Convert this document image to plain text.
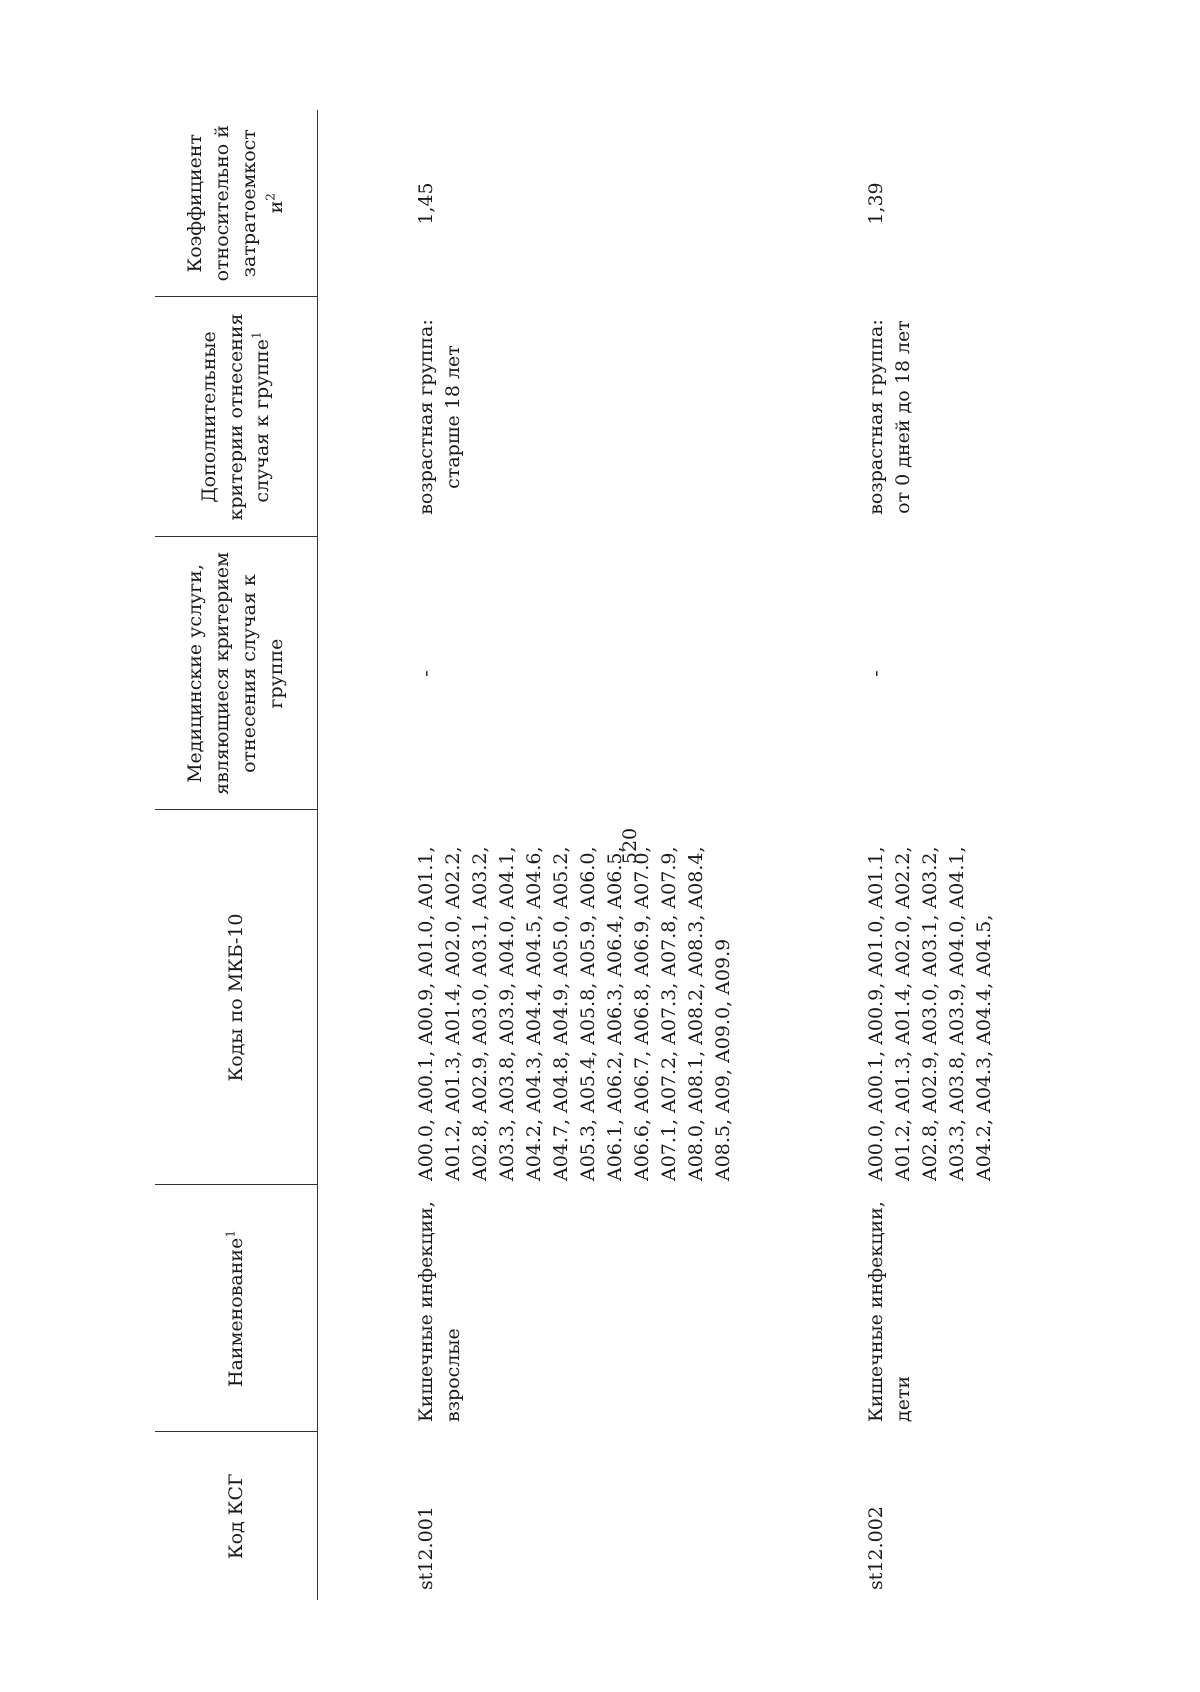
520
Код КСГ	Наименование$^1$	Коды по МКБ-10	Медицинские услуги, являющиеся критерием отнесения случая к группе	Дополнительные критерии отнесения случая к группе$^1$	Коэффициент относительно й затратоемкост $и^2$
st12.001	Кишечные инфекции, взрослые	A00.0, A00.1, A00.9, A01.0, A01.1, A01.2, A01.3, A01.4, A02.0, A02.2, A02.8, A02.9, A03.0, A03.1, A03.2, A03.3, A03.8, A03.9, A04.0, A04.1, A04.2, A04.3, A04.4, A04.5, A04.6, A04.7, A04.8, A04.9, A05.0, A05.2, A05.3, A05.4, A05.8, A05.9, A06.0, A06.1, A06.2, A06.3, A06.4, A06.5, A06.6, A06.7, A06.8, A06.9, A07.0, A07.1, A07.2, A07.3, A07.8, A07.9, A08.0, A08.1, A08.2, A08.3, A08.4, A08.5, A09, A09.0, A09.9	-	возрастная группа: старше 18 лет	1,45
st12.002	Кишечные инфекции, дети	A00.0, A00.1, A00.9, A01.0, A01.1, A01.2, A01.3, A01.4, A02.0, A02.2, A02.8, A02.9, A03.0, A03.1, A03.2, A03.3, A03.8, A03.9, A04.0, A04.1, A04.2, A04.3, A04.4, A04.5,	-	возрастная группа: от 0 дней до 18 лет	1,39
